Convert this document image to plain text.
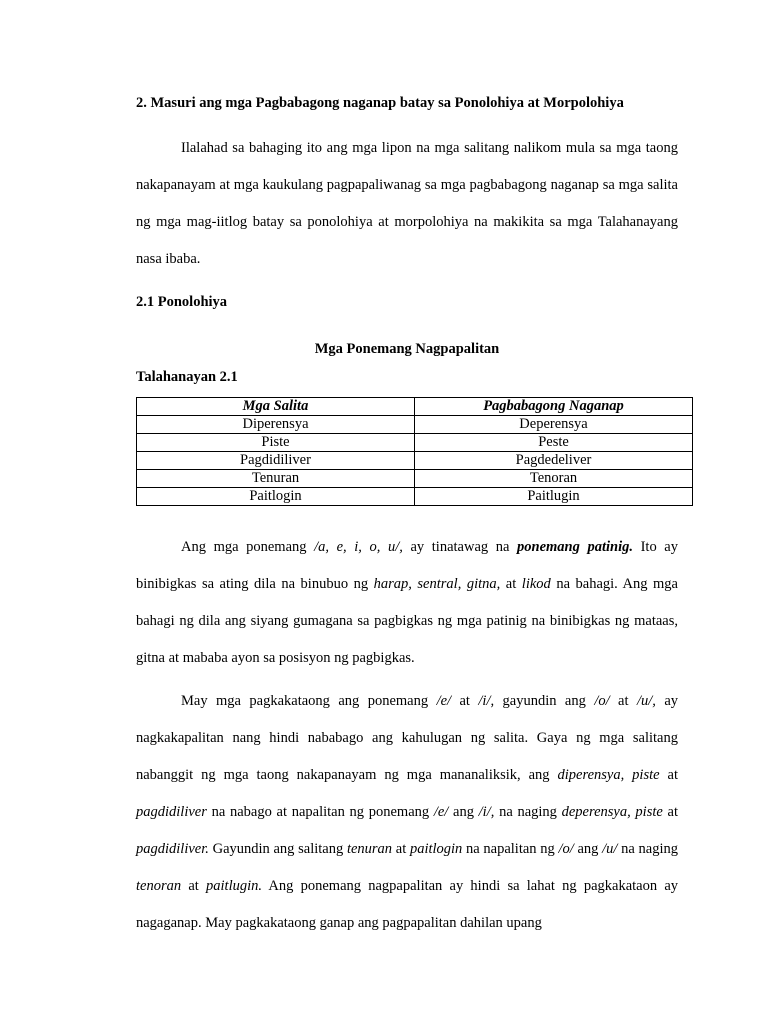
2. Masuri ang mga Pagbabagong naganap batay sa Ponolohiya at Morpolohiya
Ilalahad sa bahaging ito ang mga lipon na mga salitang nalikom mula sa mga taong nakapanayam at mga kaukulang pagpapaliwanag sa mga pagbabagong naganap sa mga salita ng mga mag-iitlog batay sa ponolohiya at morpolohiya na makikita sa mga Talahanayang nasa ibaba.
2.1 Ponolohiya
Mga Ponemang Nagpapalitan
Talahanayan 2.1
Mga Salita	Pagbabagong Naganap
Diperensya	Deperensya
Piste	Peste
Pagdidiliver	Pagdedeliver
Tenuran	Tenoran
Paitlogin	Paitlugin
Ang mga ponemang /a, e, i, o, u/, ay tinatawag na ponemang patinig. Ito ay binibigkas sa ating dila na binubuo ng harap, sentral, gitna, at likod na bahagi. Ang mga bahagi ng dila ang siyang gumagana sa pagbigkas ng mga patinig na binibigkas ng mataas, gitna at mababa ayon sa posisyon ng pagbigkas.
May mga pagkakataong ang ponemang /e/ at /i/, gayundin ang /o/ at /u/, ay nagkakapalitan nang hindi nababago ang kahulugan ng salita. Gaya ng mga salitang nabanggit ng mga taong nakapanayam ng mga mananaliksik, ang diperensya, piste at pagdidiliver na nabago at napalitan ng ponemang /e/ ang /i/, na naging deperensya, piste at pagdidiliver. Gayundin ang salitang tenuran at paitlogin na napalitan ng /o/ ang /u/ na naging tenoran at paitlugin. Ang ponemang nagpapalitan ay hindi sa lahat ng pagkakataon ay nagaganap. May pagkakataong ganap ang pagpapalitan dahilan upang
